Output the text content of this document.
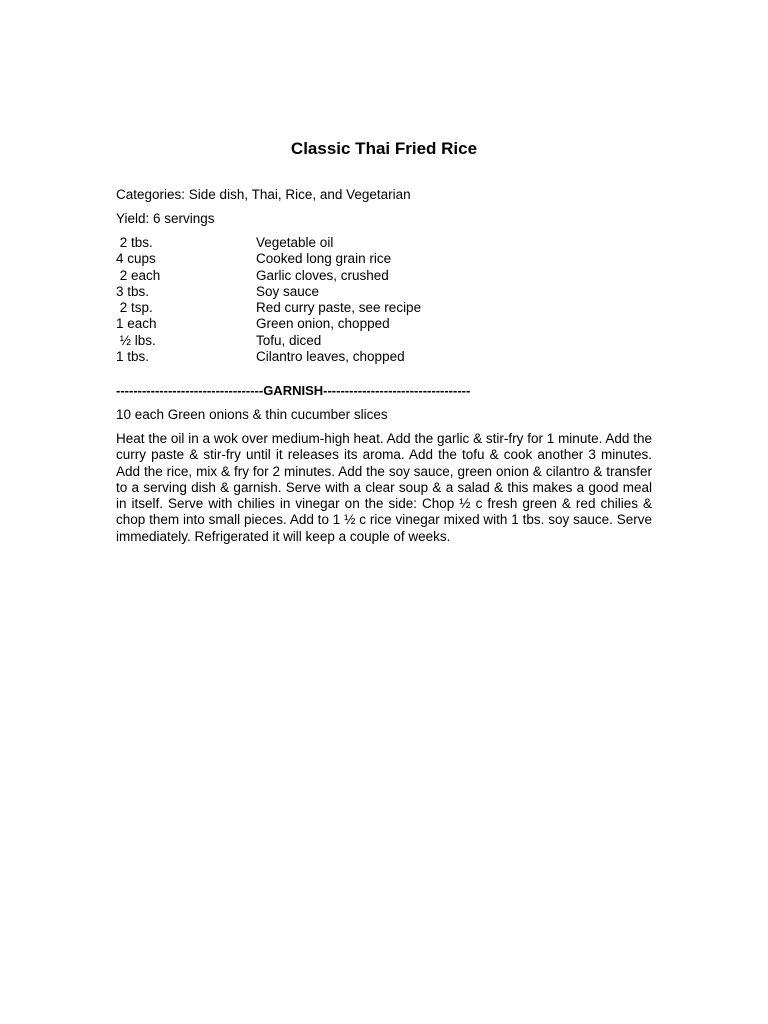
Classic Thai Fried Rice
Categories: Side dish, Thai, Rice, and Vegetarian
Yield: 6 servings
2 tbs.	Vegetable oil
4 cups	Cooked long grain rice
2 each	Garlic cloves, crushed
3 tbs.	Soy sauce
2 tsp.	Red curry paste, see recipe
1 each	Green onion, chopped
½ lbs.	Tofu, diced
1 tbs.	Cilantro leaves, chopped
----------------------------------GARNISH----------------------------------
10 each Green onions & thin cucumber slices
Heat the oil in a wok over medium-high heat. Add the garlic & stir-fry for 1 minute. Add the curry paste & stir-fry until it releases its aroma. Add the tofu & cook another 3 minutes. Add the rice, mix & fry for 2 minutes. Add the soy sauce, green onion & cilantro & transfer to a serving dish & garnish. Serve with a clear soup & a salad & this makes a good meal in itself. Serve with chilies in vinegar on the side: Chop ½ c fresh green & red chilies & chop them into small pieces. Add to 1 ½ c rice vinegar mixed with 1 tbs. soy sauce. Serve immediately. Refrigerated it will keep a couple of weeks.
